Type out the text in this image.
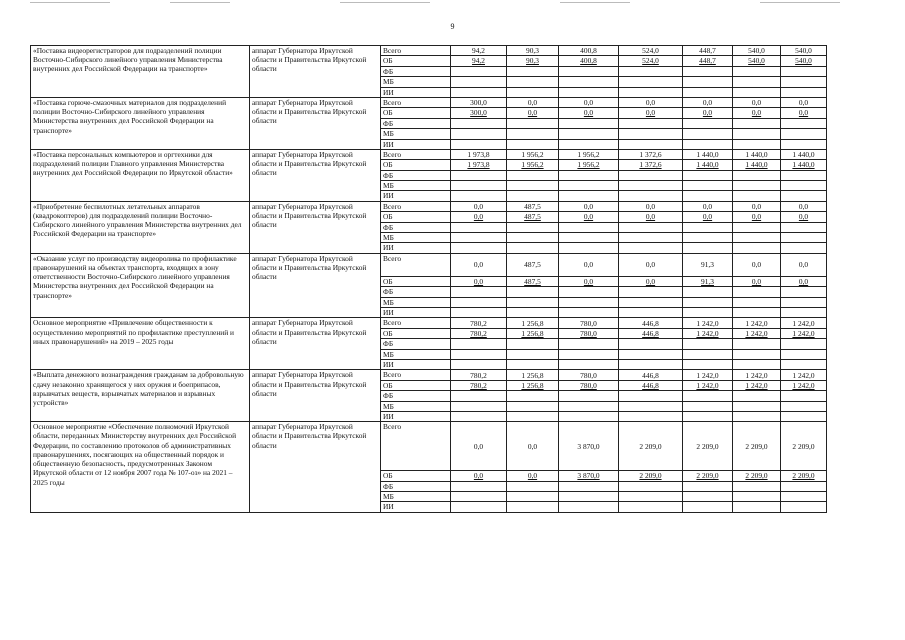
9
«Поставка видеорегистраторов для подразделений полиции Восточно-Сибирского линейного управления Министерства внутренних дел Российской Федерации на транспорте»	аппарат Губернатора Иркутской области и Правительства Иркутской области	Всего	94,2	90,3	400,8	524,0	448,7	540,0	540,0
		ОБ	94,2	90,3	400,8	524,0	448,7	540,0	540,0
		ФБ							
		МБ							
		ИИ							
«Поставка горюче-смазочных материалов для подразделений полиции Восточно-Сибирского линейного управления Министерства внутренних дел Российской Федерации на транспорте»	аппарат Губернатора Иркутской области и Правительства Иркутской области	Всего	300,0	0,0	0,0	0,0	0,0	0,0	0,0
		ОБ	300,0	0,0	0,0	0,0	0,0	0,0	0,0
		ФБ							
		МБ							
		ИИ							
«Поставка персональных компьютеров и оргтехники для подразделений полиции Главного управления Министерства внутренних дел Российской Федерации по Иркутской области»	аппарат Губернатора Иркутской области и Правительства Иркутской области	Всего	1 973,8	1 956,2	1 956,2	1 372,6	1 440,0	1 440,0	1 440,0
		ОБ	1 973,8	1 956,2	1 956,2	1 372,6	1 440,0	1 440,0	1 440,0
		ФБ							
		МБ							
		ИИ							
«Приобретение беспилотных летательных аппаратов (квадрокоптеров) для подразделений полиции Восточно-Сибирского линейного управления Министерства внутренних дел Российской Федерации на транспорте»	аппарат Губернатора Иркутской области и Правительства Иркутской области	Всего	0,0	487,5	0,0	0,0	0,0	0,0	0,0
		ОБ	0,0	487,5	0,0	0,0	0,0	0,0	0,0
		ФБ							
		МБ							
		ИИ							
«Оказание услуг по производству видеоролика по профилактике правонарушений на объектах транспорта, входящих в зону ответственности Восточно-Сибирского линейного управления Министерства внутренних дел Российской Федерации на транспорте»	аппарат Губернатора Иркутской области и Правительства Иркутской области	Всего	0,0	487,5	0,0	0,0	91,3	0,0	0,0
		ОБ	0,0	487,5	0,0	0,0	91,3	0,0	0,0
		ФБ							
		МБ							
		ИИ							
Основное мероприятие «Привлечение общественности к осуществлению мероприятий по профилактике преступлений и иных правонарушений» на 2019 – 2025 годы	аппарат Губернатора Иркутской области и Правительства Иркутской области	Всего	780,2	1 256,8	780,0	446,8	1 242,0	1 242,0	1 242,0
		ОБ	780,2	1 256,8	780,0	446,8	1 242,0	1 242,0	1 242,0
		ФБ							
		МБ							
		ИИ							
«Выплата денежного вознаграждения гражданам за добровольную сдачу незаконно хранящегося у них оружия и боеприпасов, взрывчатых веществ, взрывчатых материалов и взрывных устройств»	аппарат Губернатора Иркутской области и Правительства Иркутской области	Всего	780,2	1 256,8	780,0	446,8	1 242,0	1 242,0	1 242,0
		ОБ	780,2	1 256,8	780,0	446,8	1 242,0	1 242,0	1 242,0
		ФБ							
		МБ							
		ИИ							
Основное мероприятие «Обеспечение полномочий Иркутской области, переданных Министерству внутренних дел Российской Федерации, по составлению протоколов об административных правонарушениях, посягающих на общественный порядок и общественную безопасность, предусмотренных Законом Иркутской области от 12 ноября 2007 года № 107-оз» на 2021 – 2025 годы	аппарат Губернатора Иркутской области и Правительства Иркутской области	Всего	0,0	0,0	3 870,0	2 209,0	2 209,0	2 209,0	2 209,0
		ОБ	0,0	0,0	3 870,0	2 209,0	2 209,0	2 209,0	2 209,0
		ФБ							
		МБ							
		ИИ							
